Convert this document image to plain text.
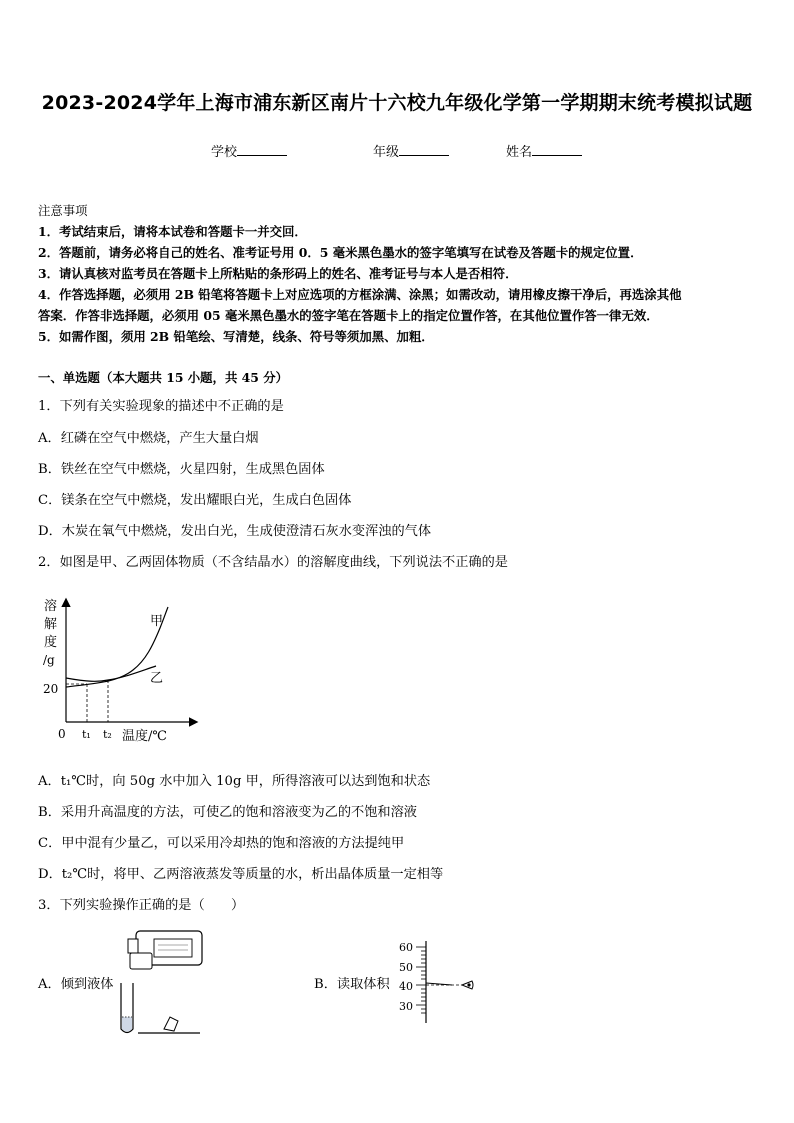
2023-2024学年上海市浦东新区南片十六校九年级化学第一学期期末统考模拟试题
学校	年级	姓名
注意事项
1．考试结束后，请将本试卷和答题卡一并交回．
2．答题前，请务必将自己的姓名、准考证号用 0．5 毫米黑色墨水的签字笔填写在试卷及答题卡的规定位置．
3．请认真核对监考员在答题卡上所粘贴的条形码上的姓名、准考证号与本人是否相符．
4．作答选择题，必须用 2B 铅笔将答题卡上对应选项的方框涂满、涂黑；如需改动，请用橡皮擦干净后，再选涂其他
答案．作答非选择题，必须用 05 毫米黑色墨水的签字笔在答题卡上的指定位置作答，在其他位置作答一律无效．
5．如需作图，须用 2B 铅笔绘、写清楚，线条、符号等须加黑、加粗．
一、单选题（本大题共 15 小题，共 45 分）
1．下列有关实验现象的描述中不正确的是
A．红磷在空气中燃烧，产生大量白烟
B．铁丝在空气中燃烧，火星四射，生成黑色固体
C．镁条在空气中燃烧，发出耀眼白光，生成白色固体
D．木炭在氧气中燃烧，发出白光，生成使澄清石灰水变浑浊的气体
2．如图是甲、乙两固体物质（不含结晶水）的溶解度曲线，下列说法不正确的是
溶
解
度
/g
20
0 t₁ t₂ 温度/℃
甲
乙
A．t₁℃时，向 50g 水中加入 10g 甲，所得溶液可以达到饱和状态
B．采用升高温度的方法，可使乙的饱和溶液变为乙的不饱和溶液
C．甲中混有少量乙，可以采用冷却热的饱和溶液的方法提纯甲
D．t₂℃时，将甲、乙两溶液蒸发等质量的水，析出晶体质量一定相等
3．下列实验操作正确的是（　　）
A．倾到液体	B．读取体积
60
50
40
30
